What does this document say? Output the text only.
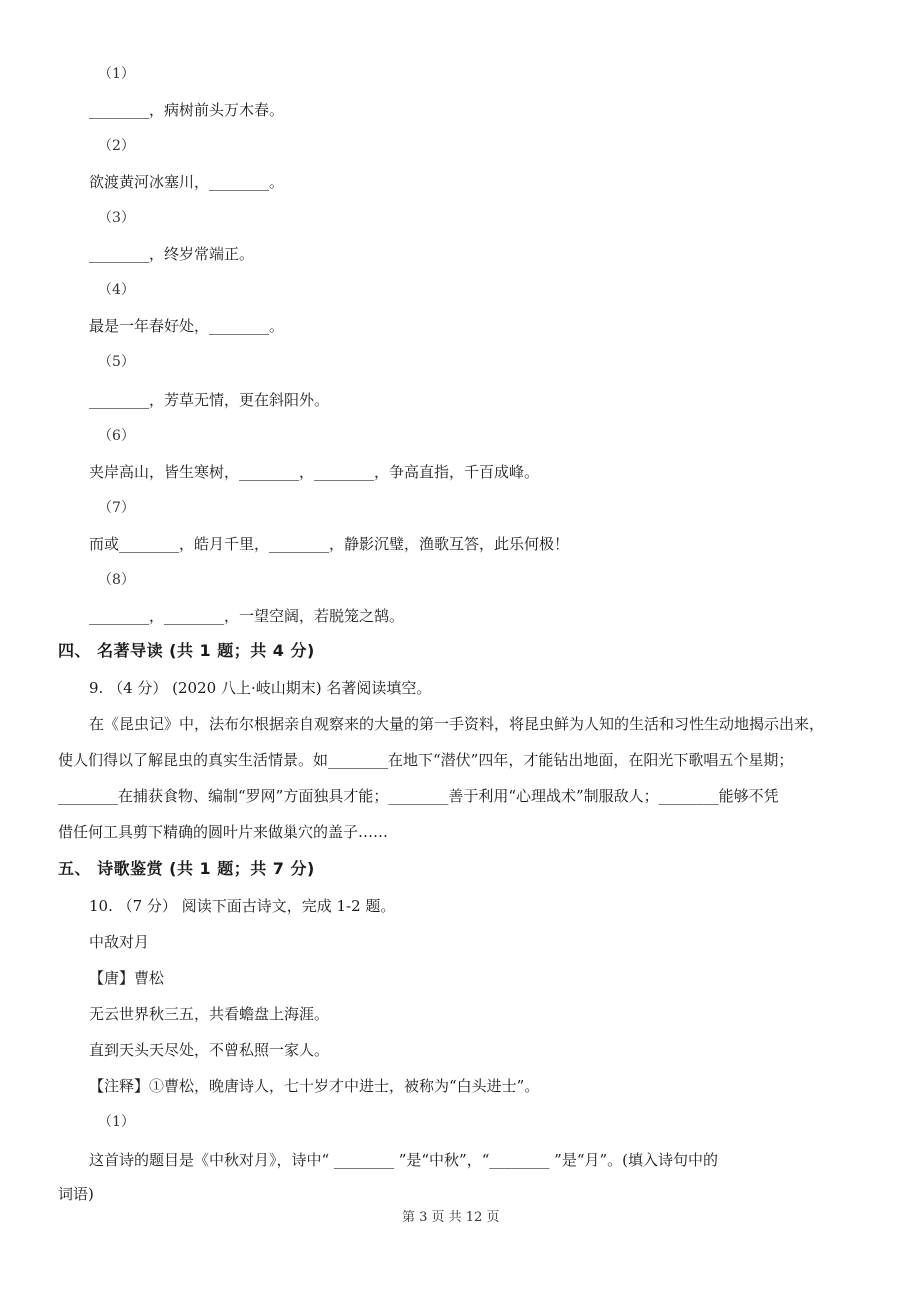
（1）
________，病树前头万木春。
（2）
欲渡黄河冰塞川，________。
（3）
________，终岁常端正。
（4）
最是一年春好处，________。
（5）
________，芳草无情，更在斜阳外。
（6）
夹岸高山，皆生寒树，________，________，争高直指，千百成峰。
（7）
而或________，皓月千里，________，静影沉璧，渔歌互答，此乐何极！
（8）
________，________，一望空阔，若脱笼之鹄。
四、 名著导读 (共 1 题；共 4 分)
9. （4 分） (2020 八上·岐山期末) 名著阅读填空。
在《昆虫记》中，法布尔根据亲自观察来的大量的第一手资料，将昆虫鲜为人知的生活和习性生动地揭示出来，
使人们得以了解昆虫的真实生活情景。如________在地下“潜伏”四年，才能钻出地面，在阳光下歌唱五个星期；
________在捕获食物、编制“罗网”方面独具才能；________善于利用“心理战术”制服敌人；________能够不凭
借任何工具剪下精确的圆叶片来做巢穴的盖子……
五、 诗歌鉴赏 (共 1 题；共 7 分)
10. （7 分） 阅读下面古诗文，完成 1-2 题。
中敌对月
【唐】曹松
无云世界秋三五，共看蟾盘上海涯。
直到天头天尽处，不曾私照一家人。
【注释】①曹松，晚唐诗人，七十岁才中进士，被称为“白头进士”。
（1）
这首诗的题目是《中秋对月》，诗中“ ________ ”是“中秋”，“________ ”是“月”。(填入诗句中的
词语)
第 3 页 共 12 页
